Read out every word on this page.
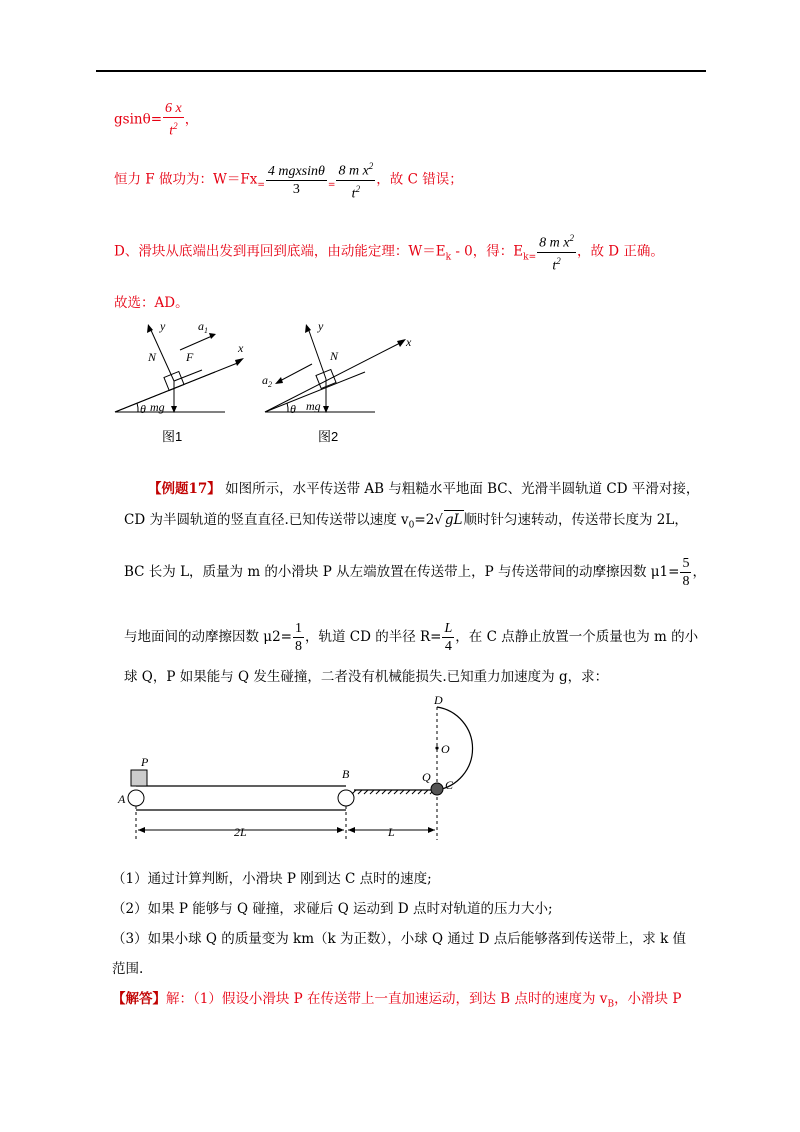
$gsin\theta= \frac{6 x}{t^2}$ ，
恒力 F 做功为：$W=Fx_= \frac{\text{4 mgxsinθ}}{3} _= \frac{8 m x^2}{t^2}$ ，故 C 错误；
D、滑块从底端出发到再回到底端，由动能定理：$W=E_k - 0$，得：$E_{k=} \frac{8 m x^2}{t^2}$ ，故 D 正确。
故选：AD。
y	$a_1$
N F
x
θ mg
图1
y
N
$a_2$
x
θ mg
图2
【例题17】 如图所示，水平传送带 AB 与粗糙水平地面 BC、光滑半圆轨道 CD 平滑对接，
CD 为半圆轨道的竖直直径.已知传送带以速度 $v_0=2√$ gL顺时针匀速转动，传送带长度为 2L，
BC 长为 L，质量为 m 的小滑块 P 从左端放置在传送带上，P 与传送带间的动摩擦因数 $\mu 1= \frac{5}{8}$ ，
与地面间的动摩擦因数 $\mu 2= \frac{1}{8}$ ，轨道 CD 的半径 $R= \frac{L}{4}$ ，在 C 点静止放置一个质量也为 m 的小
球 Q，P 如果能与 Q 发生碰撞，二者没有机械能损失.已知重力加速度为 g，求：
D
O
P
B	Q
C
A
2L	L
（1）通过计算判断，小滑块 P 刚到达 C 点时的速度;
（2）如果 P 能够与 Q 碰撞，求碰后 Q 运动到 D 点时对轨道的压力大小;
（3）如果小球 Q 的质量变为 km（k 为正数），小球 Q 通过 D 点后能够落到传送带上，求 k 值
范围.
【解答】解：（1）假设小滑块 P 在传送带上一直加速运动，到达 B 点时的速度为 $v_B$，小滑块 P
